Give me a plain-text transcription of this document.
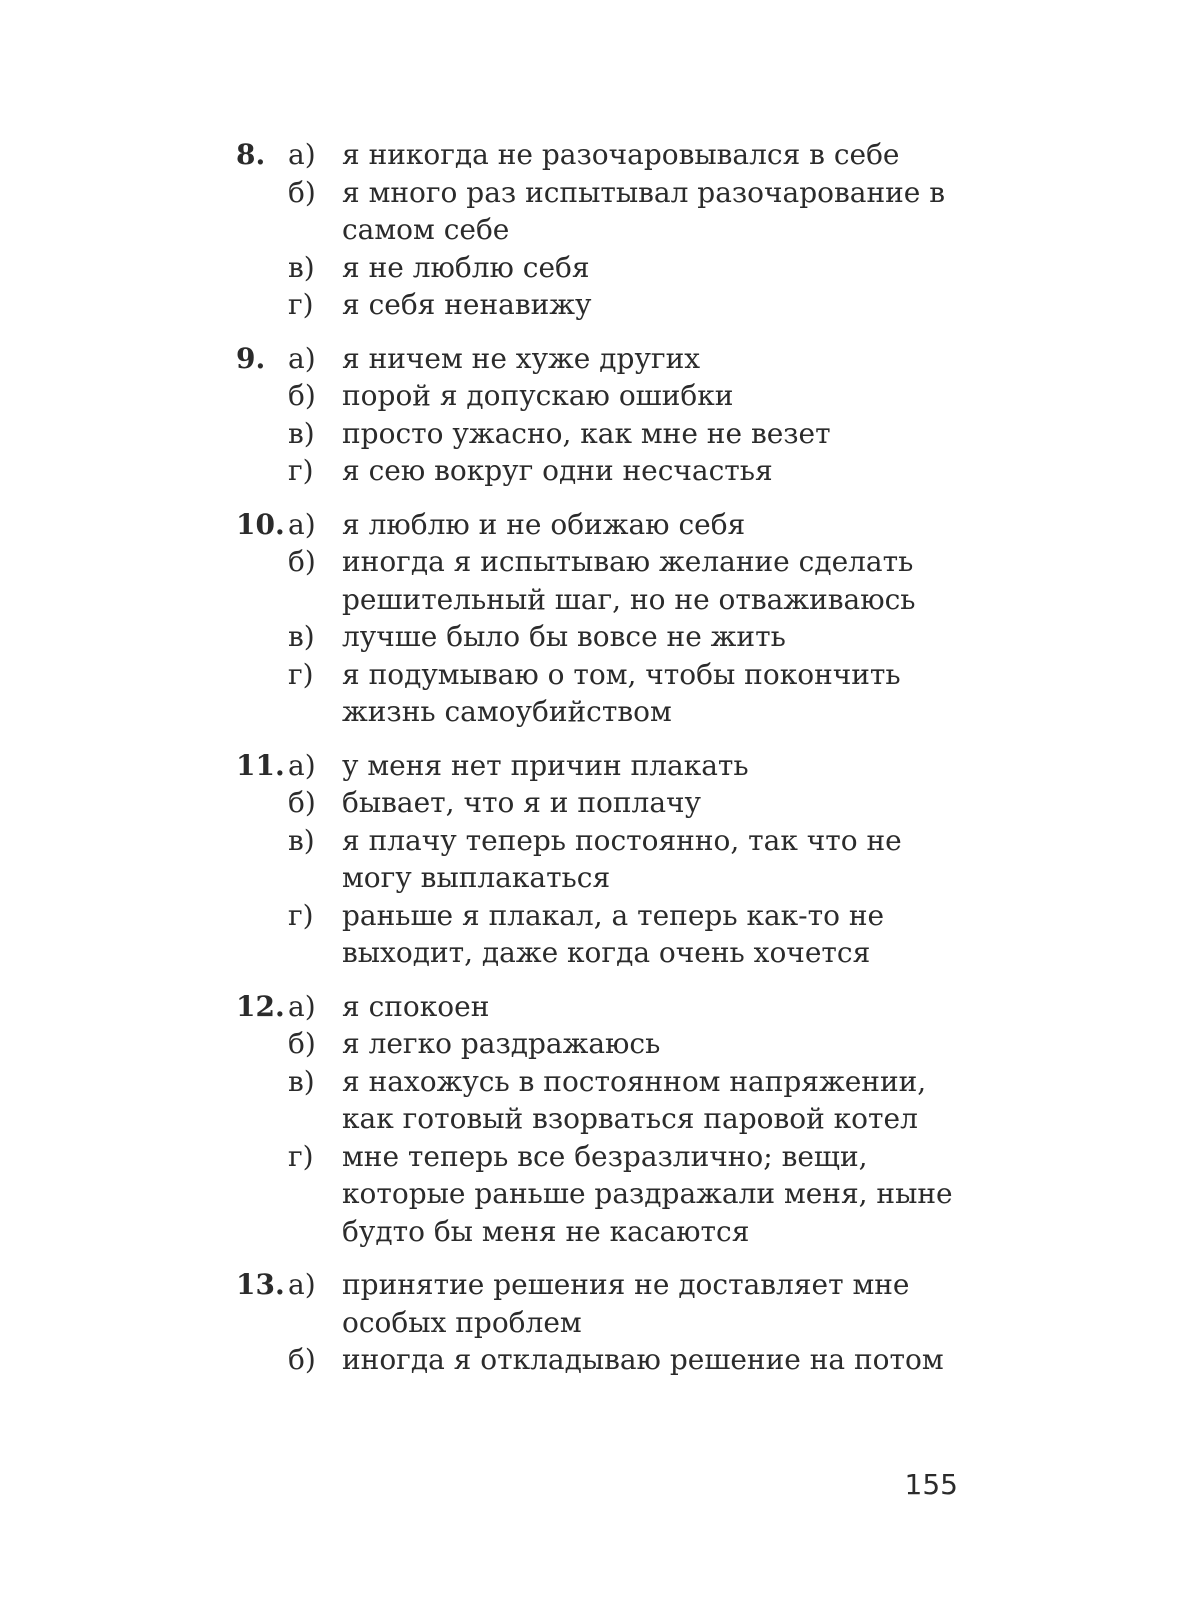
8. а) я никогда не разочаровывался в себе
б) я много раз испытывал разочарование в самом себе
в) я не люблю себя
г)	я себя ненавижу
9. а) я ничем не хуже других
б) порой я допускаю ошибки
в) просто ужасно, как мне не везет
г)	я сею вокруг одни несчастья
10. а) я люблю и не обижаю себя
б) иногда я испытываю желание сделать решительный шаг, но не отваживаюсь
в) лучше было бы вовсе не жить
г)	я подумываю о том, чтобы покончить жизнь самоубийством
11. а) у меня нет причин плакать
б) бывает, что я и поплачу
в) я плачу теперь постоянно, так что не могу выплакаться
г)	раньше я плакал, а теперь как-то не выходит, даже когда очень хочется
12. а) я спокоен
б) я легко раздражаюсь
в) я нахожусь в постоянном напряжении, как готовый взорваться паровой котел
г)	мне теперь все безразлично; вещи, которые раньше раздражали меня, ныне будто бы меня не касаются
13. а) принятие решения не доставляет мне особых проблем
б) иногда я откладываю решение на потом
155
